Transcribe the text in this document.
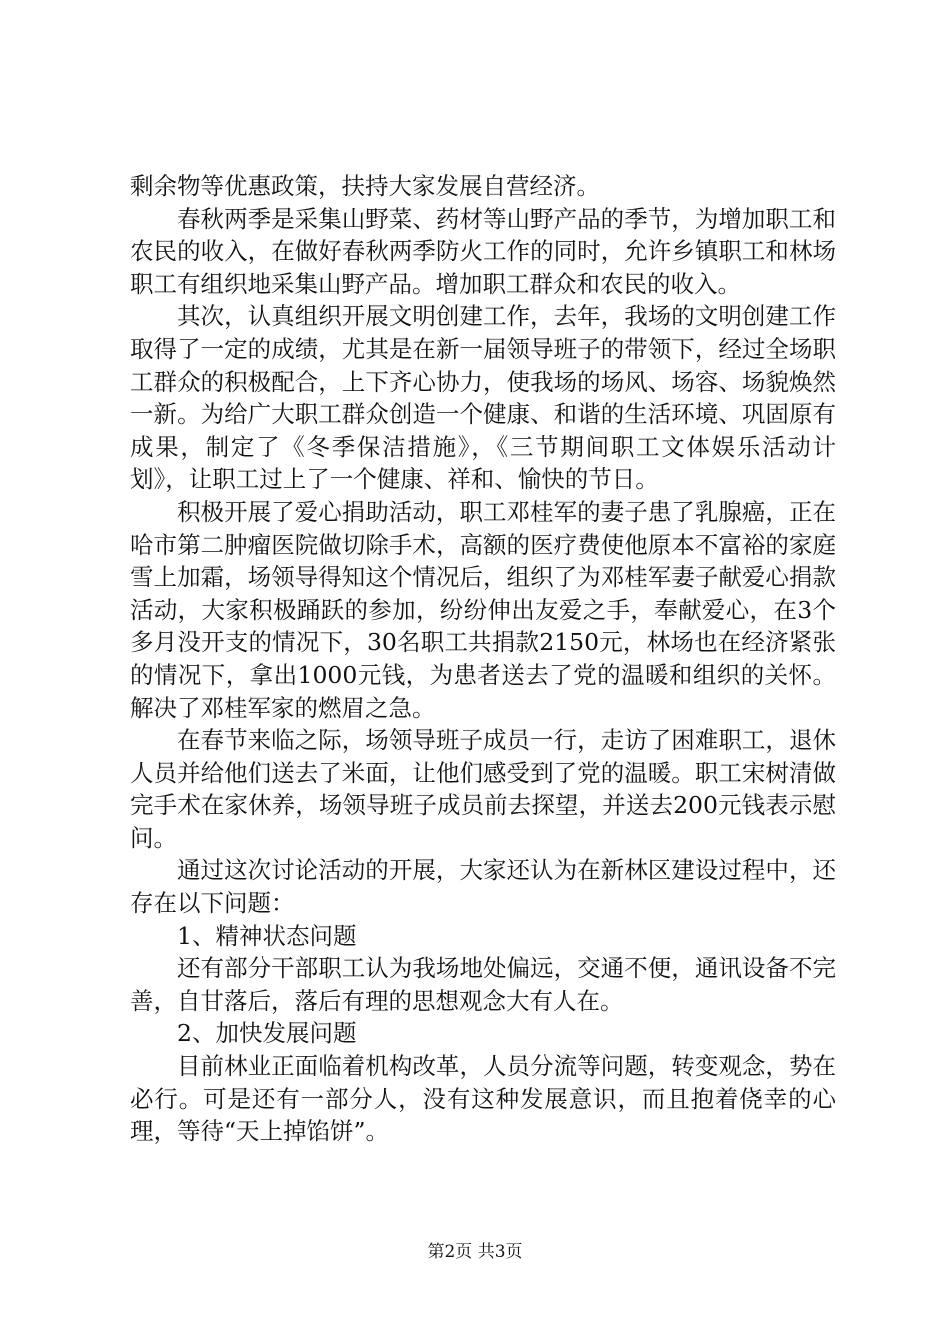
剩余物等优惠政策，扶持大家发展自营经济。

春秋两季是采集山野菜、药材等山野产品的季节，为增加职工和农民的收入，在做好春秋两季防火工作的同时，允许乡镇职工和林场职工有组织地采集山野产品。增加职工群众和农民的收入。

其次，认真组织开展文明创建工作，去年，我场的文明创建工作取得了一定的成绩，尤其是在新一届领导班子的带领下，经过全场职工群众的积极配合，上下齐心协力，使我场的场风、场容、场貌焕然一新。为给广大职工群众创造一个健康、和谐的生活环境、巩固原有成果，制定了《冬季保洁措施》，《三节期间职工文体娱乐活动计划》，让职工过上了一个健康、祥和、愉快的节日。

积极开展了爱心捐助活动，职工邓桂军的妻子患了乳腺癌，正在哈市第二肿瘤医院做切除手术，高额的医疗费使他原本不富裕的家庭雪上加霜，场领导得知这个情况后，组织了为邓桂军妻子献爱心捐款活动，大家积极踊跃的参加，纷纷伸出友爱之手，奉献爱心，在3个多月没开支的情况下，30名职工共捐款2150元，林场也在经济紧张的情况下，拿出1000元钱，为患者送去了党的温暖和组织的关怀。解决了邓桂军家的燃眉之急。

在春节来临之际，场领导班子成员一行，走访了困难职工，退休人员并给他们送去了米面，让他们感受到了党的温暖。职工宋树清做完手术在家休养，场领导班子成员前去探望，并送去200元钱表示慰问。

通过这次讨论活动的开展，大家还认为在新林区建设过程中，还存在以下问题：

1、精神状态问题

还有部分干部职工认为我场地处偏远，交通不便，通讯设备不完善，自甘落后，落后有理的思想观念大有人在。

2、加快发展问题

目前林业正面临着机构改革，人员分流等问题，转变观念，势在必行。可是还有一部分人，没有这种发展意识，而且抱着侥幸的心理，等待“天上掉馅饼”。

第2页 共3页
